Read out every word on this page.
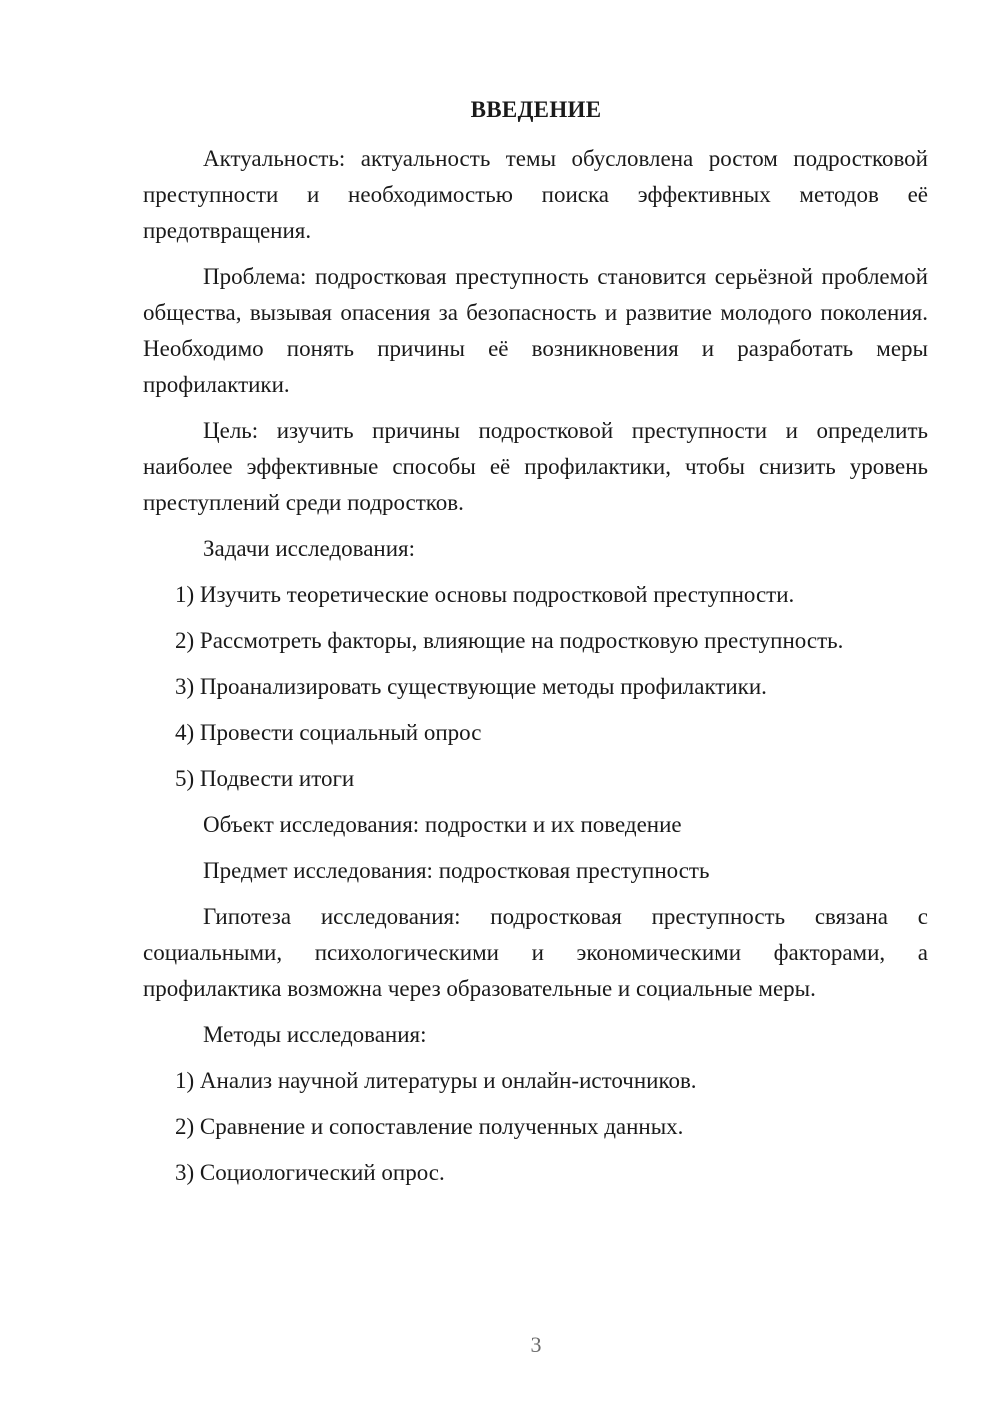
ВВЕДЕНИЕ

Актуальность: актуальность темы обусловлена ростом подростковой преступности и необходимостью поиска эффективных методов её предотвращения.

Проблема: подростковая преступность становится серьёзной проблемой общества, вызывая опасения за безопасность и развитие молодого поколения. Необходимо понять причины её возникновения и разработать меры профилактики.

Цель: изучить причины подростковой преступности и определить наиболее эффективные способы её профилактики, чтобы снизить уровень преступлений среди подростков.

Задачи исследования:

1) Изучить теоретические основы подростковой преступности.

2) Рассмотреть факторы, влияющие на подростковую преступность.

3) Проанализировать существующие методы профилактики.

4) Провести социальный опрос

5) Подвести итоги

Объект исследования: подростки и их поведение

Предмет исследования: подростковая преступность

Гипотеза исследования: подростковая преступность связана с социальными, психологическими и экономическими факторами, а профилактика возможна через образовательные и социальные меры.

Методы исследования:

1) Анализ научной литературы и онлайн-источников.

2) Сравнение и сопоставление полученных данных.

3) Социологический опрос.

3
